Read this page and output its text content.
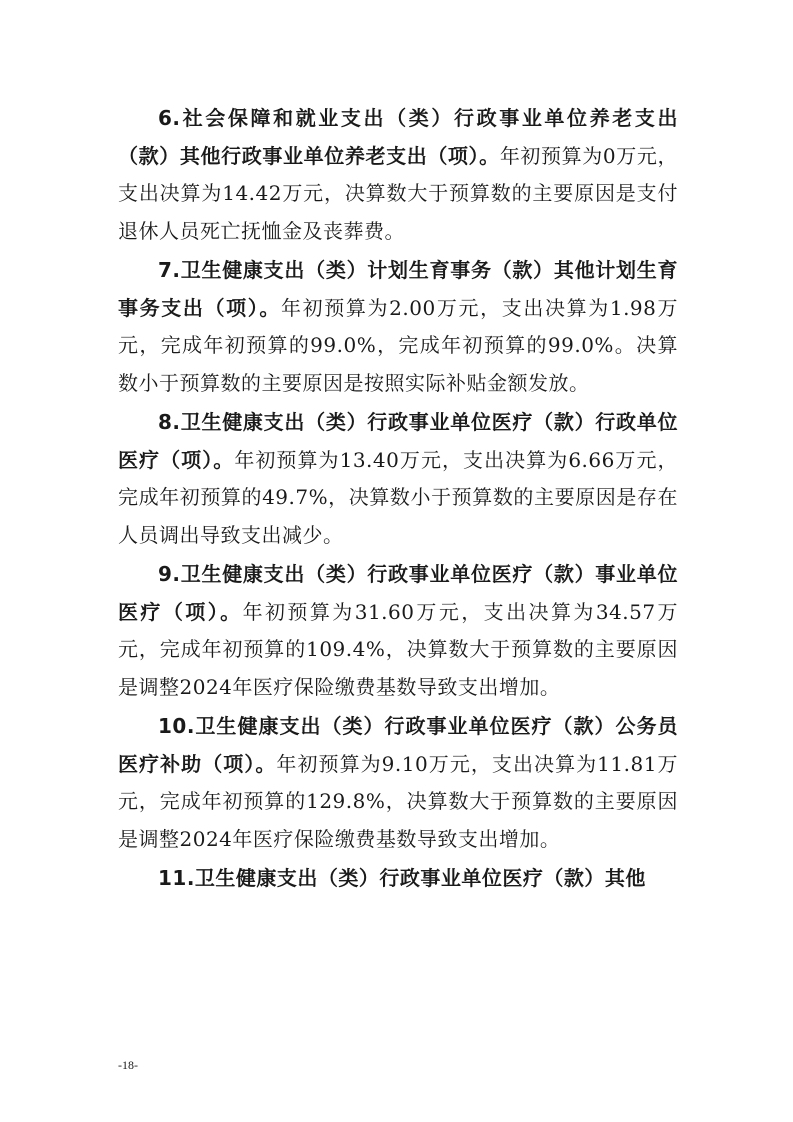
6.社会保障和就业支出（类）行政事业单位养老支出（款）其他行政事业单位养老支出（项）。年初预算为0万元，支出决算为14.42万元，决算数大于预算数的主要原因是支付退休人员死亡抚恤金及丧葬费。

7.卫生健康支出（类）计划生育事务（款）其他计划生育事务支出（项）。年初预算为2.00万元，支出决算为1.98万元，完成年初预算的99.0%，完成年初预算的99.0%。决算数小于预算数的主要原因是按照实际补贴金额发放。

8.卫生健康支出（类）行政事业单位医疗（款）行政单位医疗（项）。年初预算为13.40万元，支出决算为6.66万元，完成年初预算的49.7%，决算数小于预算数的主要原因是存在人员调出导致支出减少。

9.卫生健康支出（类）行政事业单位医疗（款）事业单位医疗（项）。年初预算为31.60万元，支出决算为34.57万元，完成年初预算的109.4%，决算数大于预算数的主要原因是调整2024年医疗保险缴费基数导致支出增加。

10.卫生健康支出（类）行政事业单位医疗（款）公务员医疗补助（项）。年初预算为9.10万元，支出决算为11.81万元，完成年初预算的129.8%，决算数大于预算数的主要原因是调整2024年医疗保险缴费基数导致支出增加。

11.卫生健康支出（类）行政事业单位医疗（款）其他

-18-
